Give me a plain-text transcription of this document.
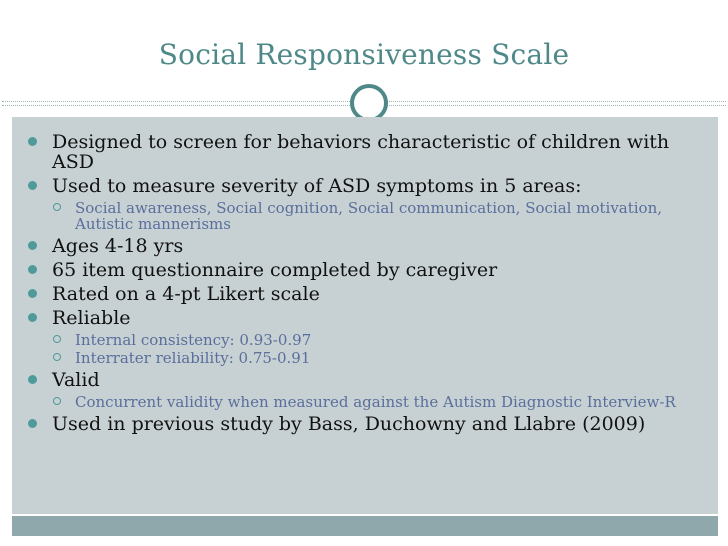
Social Responsiveness Scale
Designed to screen for behaviors characteristic of children with ASD
Used to measure severity of ASD symptoms in 5 areas:
Social awareness, Social cognition, Social communication, Social motivation, Autistic mannerisms
Ages 4-18 yrs
65 item questionnaire completed by caregiver
Rated on a 4-pt Likert scale
Reliable
Internal consistency: 0.93-0.97
Interrater reliability: 0.75-0.91
Valid
Concurrent validity when measured against the Autism Diagnostic Interview-R
Used in previous study by Bass, Duchowny and Llabre (2009)
